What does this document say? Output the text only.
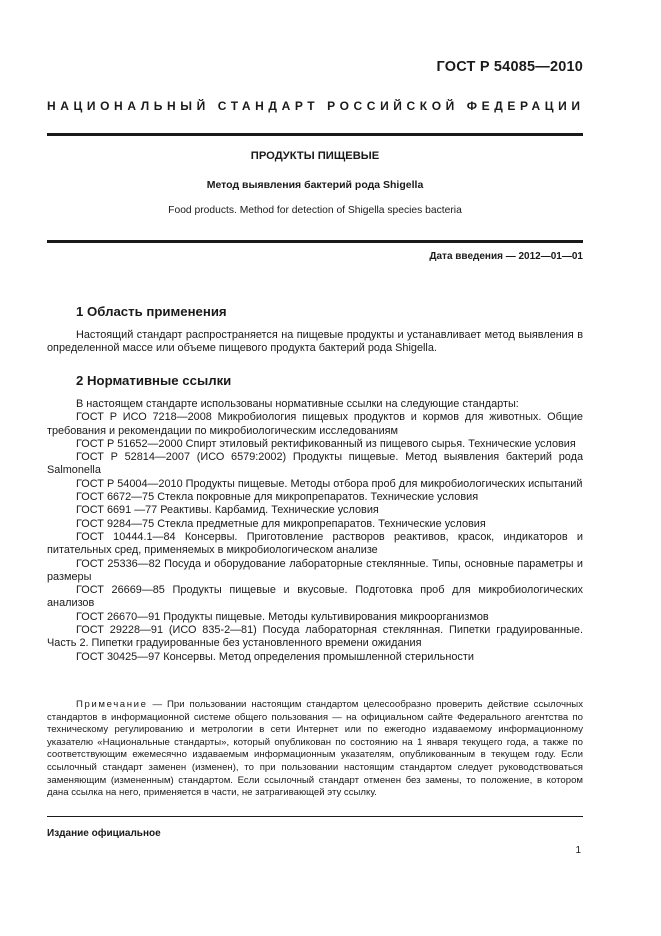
ГОСТ Р 54085—2010
НАЦИОНАЛЬНЫЙ СТАНДАРТ РОССИЙСКОЙ ФЕДЕРАЦИИ
ПРОДУКТЫ ПИЩЕВЫЕ
Метод выявления бактерий рода Shigella
Food products. Method for detection of Shigella species bacteria
Дата введения — 2012—01—01
1 Область применения

Настоящий стандарт распространяется на пищевые продукты и устанавливает метод выявления в определенной массе или объеме пищевого продукта бактерий рода Shigella.

2 Нормативные ссылки

В настоящем стандарте использованы нормативные ссылки на следующие стандарты:

ГОСТ Р ИСО 7218—2008 Микробиология пищевых продуктов и кормов для животных. Общие требования и рекомендации по микробиологическим исследованиям

ГОСТ Р 51652—2000 Спирт этиловый ректификованный из пищевого сырья. Технические условия

ГОСТ Р 52814—2007 (ИСО 6579:2002) Продукты пищевые. Метод выявления бактерий рода Salmonella

ГОСТ Р 54004—2010 Продукты пищевые. Методы отбора проб для микробиологических испытаний

ГОСТ 6672—75 Стекла покровные для микропрепаратов. Технические условия

ГОСТ 6691 —77 Реактивы. Карбамид. Технические условия

ГОСТ 9284—75 Стекла предметные для микропрепаратов. Технические условия

ГОСТ 10444.1—84 Консервы. Приготовление растворов реактивов, красок, индикаторов и питательных сред, применяемых в микробиологическом анализе

ГОСТ 25336—82 Посуда и оборудование лабораторные стеклянные. Типы, основные параметры и размеры

ГОСТ 26669—85 Продукты пищевые и вкусовые. Подготовка проб для микробиологических анализов

ГОСТ 26670—91 Продукты пищевые. Методы культивирования микроорганизмов

ГОСТ 29228—91 (ИСО 835-2—81) Посуда лабораторная стеклянная. Пипетки градуированные. Часть 2. Пипетки градуированные без установленного времени ожидания

ГОСТ 30425—97 Консервы. Метод определения промышленной стерильности

Примечание — При пользовании настоящим стандартом целесообразно проверить действие ссылочных стандартов в информационной системе общего пользования — на официальном сайте Федерального агентства по техническому регулированию и метрологии в сети Интернет или по ежегодно издаваемому информационному указателю «Национальные стандарты», который опубликован по состоянию на 1 января текущего года, а также по соответствующим ежемесячно издаваемым информационным указателям, опубликованным в текущем году. Если ссылочный стандарт заменен (изменен), то при пользовании настоящим стандартом следует руководствоваться заменяющим (измененным) стандартом. Если ссылочный стандарт отменен без замены, то положение, в котором дана ссылка на него, применяется в части, не затрагивающей эту ссылку.

Издание официальное
1
